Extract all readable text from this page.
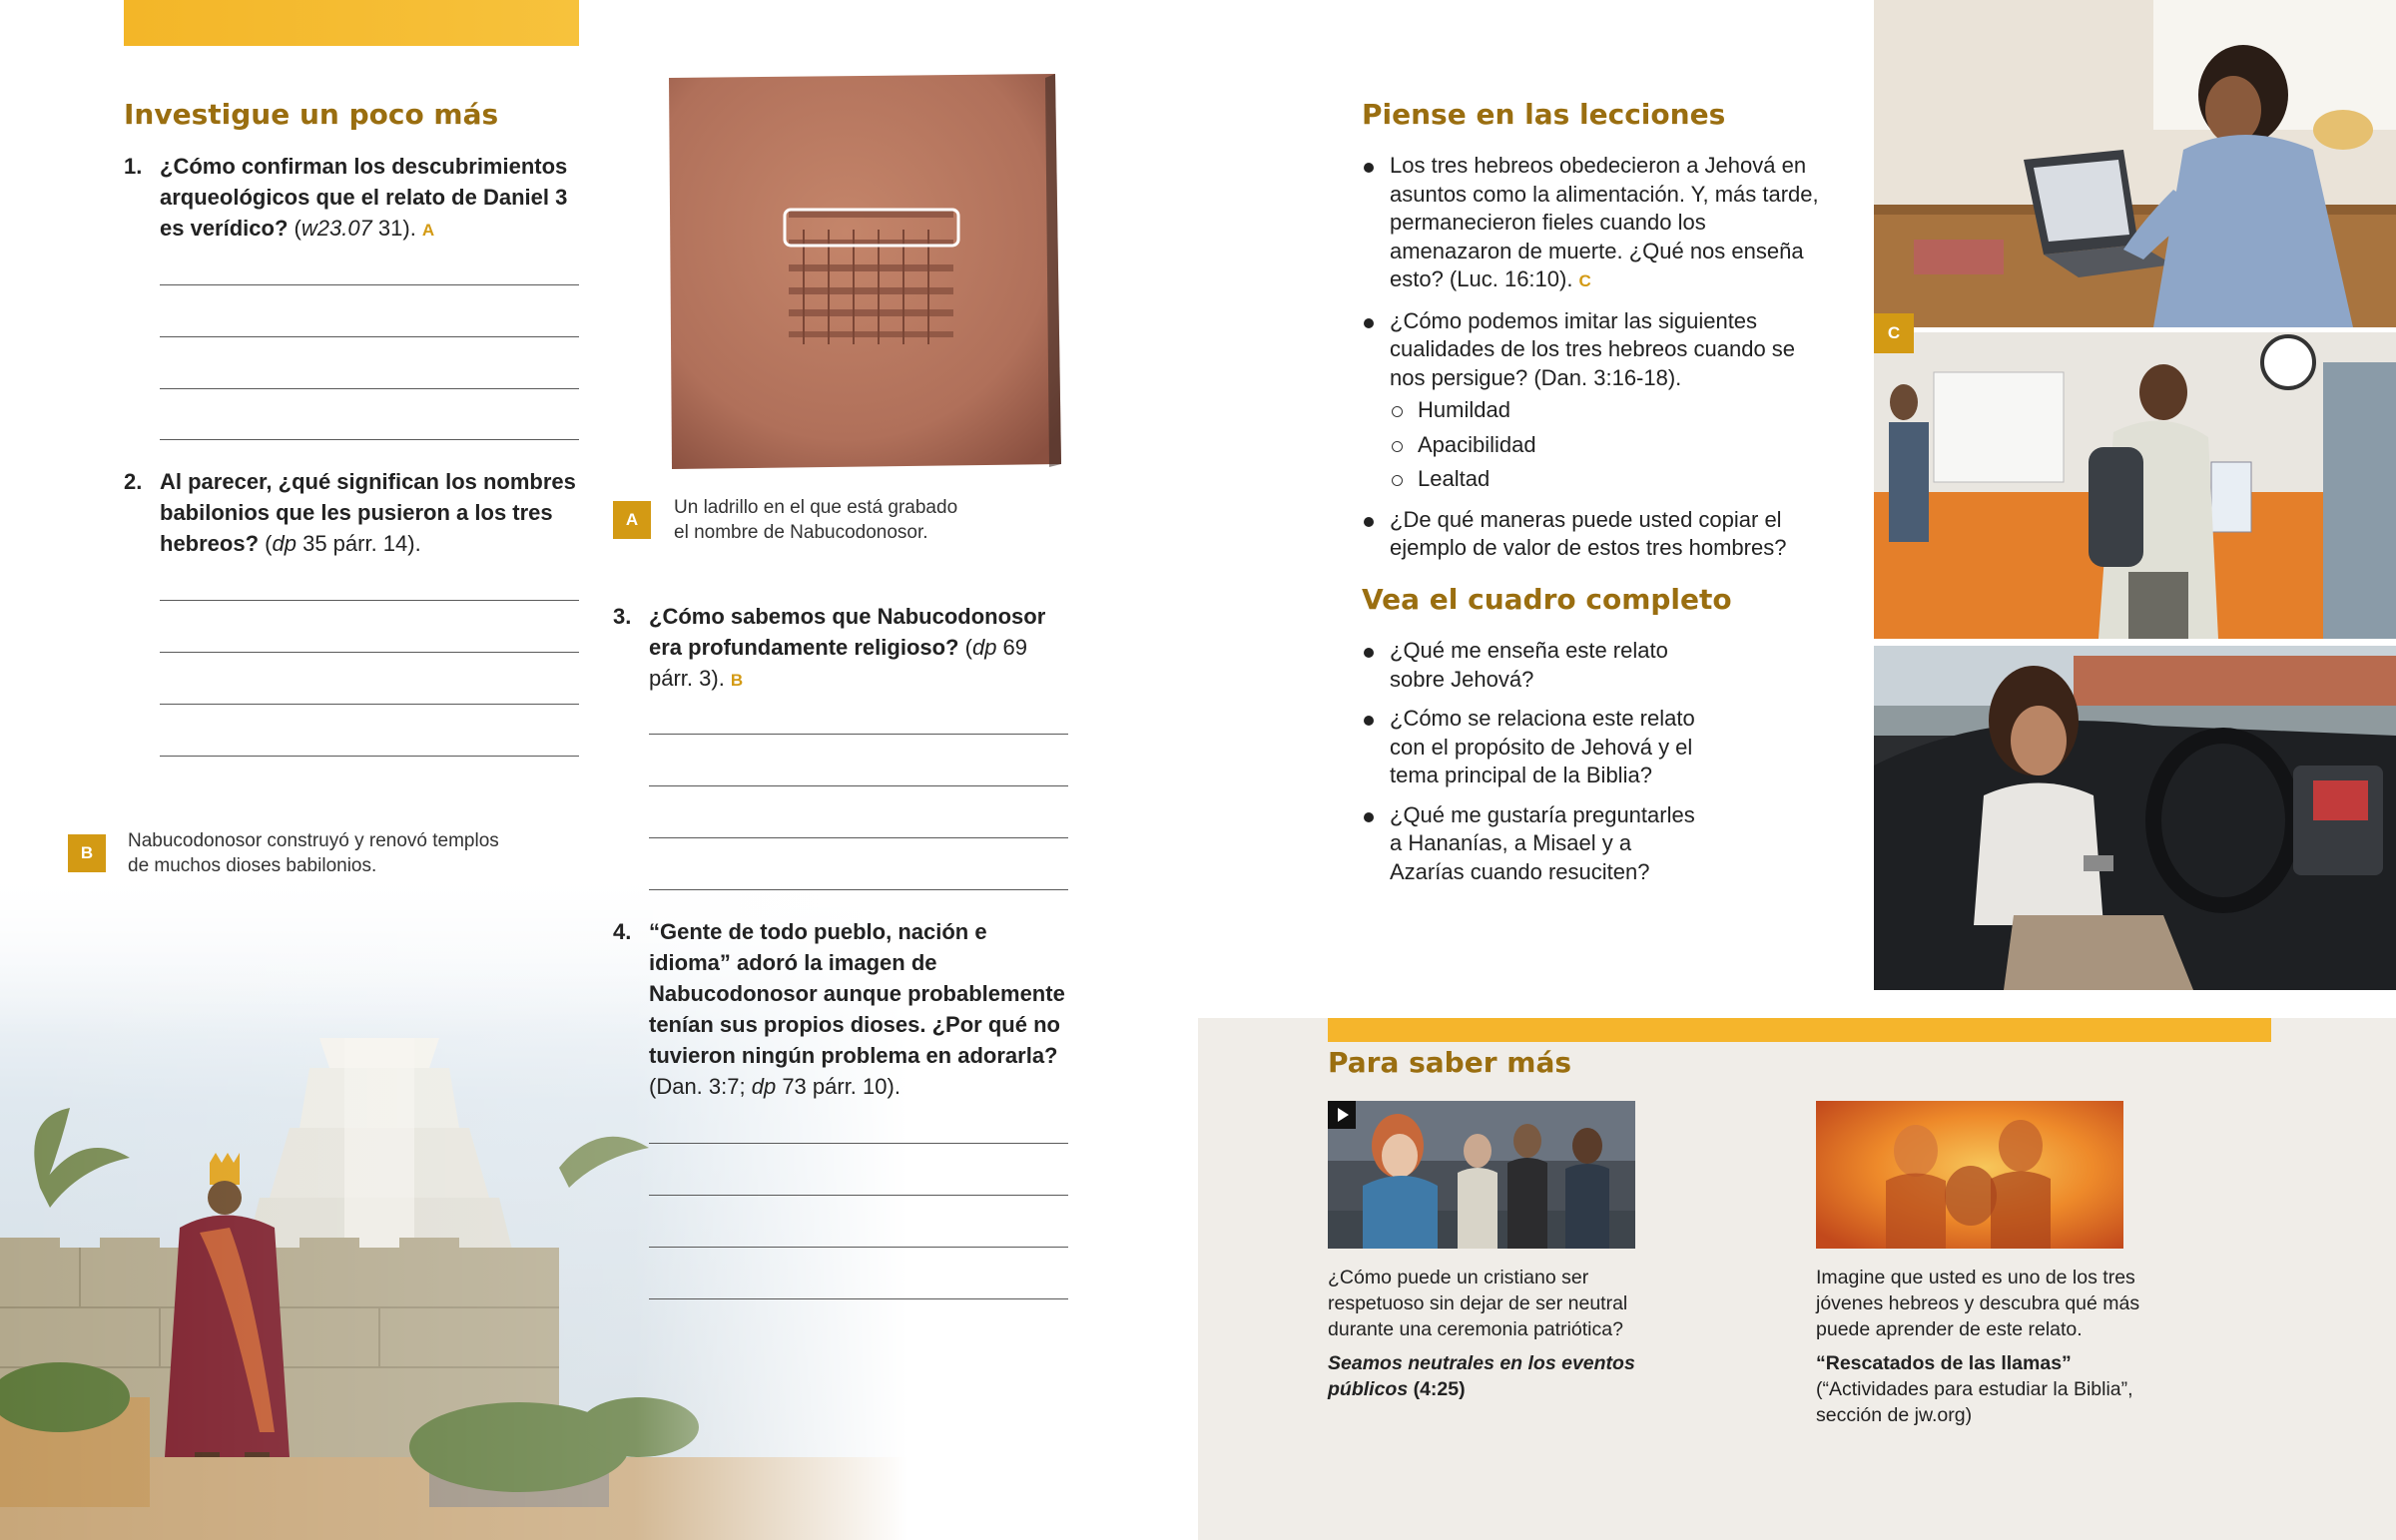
Investigue un poco más
1. ¿Cómo confirman los descubrimientos arqueológicos que el relato de Daniel 3 es verídico? (w23.07 31). A
2. Al parecer, ¿qué significan los nombres babilonios que les pusieron a los tres hebreos? (dp 35 párr. 14).
B
Nabucodonosor construyó y renovó templos
de muchos dioses babilonios.
A
Un ladrillo en el que está grabado
el nombre de Nabucodonosor.
3. ¿Cómo sabemos que Nabucodonosor era profundamente religioso? (dp 69 párr. 3). B
4. “Gente de todo pueblo, nación e idioma” adoró la imagen de Nabucodonosor aunque probablemente tenían sus propios dioses. ¿Por qué no tuvieron ningún problema en adorarla? (Dan. 3:7; dp 73 párr. 10).
Piense en las lecciones
Los tres hebreos obedecieron a Jehová en asuntos como la alimentación. Y, más tarde, permanecieron fieles cuando los amenazaron de muerte. ¿Qué nos enseña esto? (Luc. 16:10). C
¿Cómo podemos imitar las siguientes cualidades de los tres hebreos cuando se nos persigue? (Dan. 3:16-18).
Humildad
Apacibilidad
Lealtad
¿De qué maneras puede usted copiar el ejemplo de valor de estos tres hombres?
Vea el cuadro completo
¿Qué me enseña este relato sobre Jehová?
¿Cómo se relaciona este relato con el propósito de Jehová y el tema principal de la Biblia?
¿Qué me gustaría preguntarles a Hananías, a Misael y a Azarías cuando resuciten?
C
Para saber más
¿Cómo puede un cristiano ser respetuoso sin dejar de ser neutral durante una ceremonia patriótica?
Seamos neutrales en los eventos públicos (4:25)
Imagine que usted es uno de los tres jóvenes hebreos y descubra qué más puede aprender de este relato.
“Rescatados de las llamas”
(“Actividades para estudiar la Biblia”, sección de jw.org)
